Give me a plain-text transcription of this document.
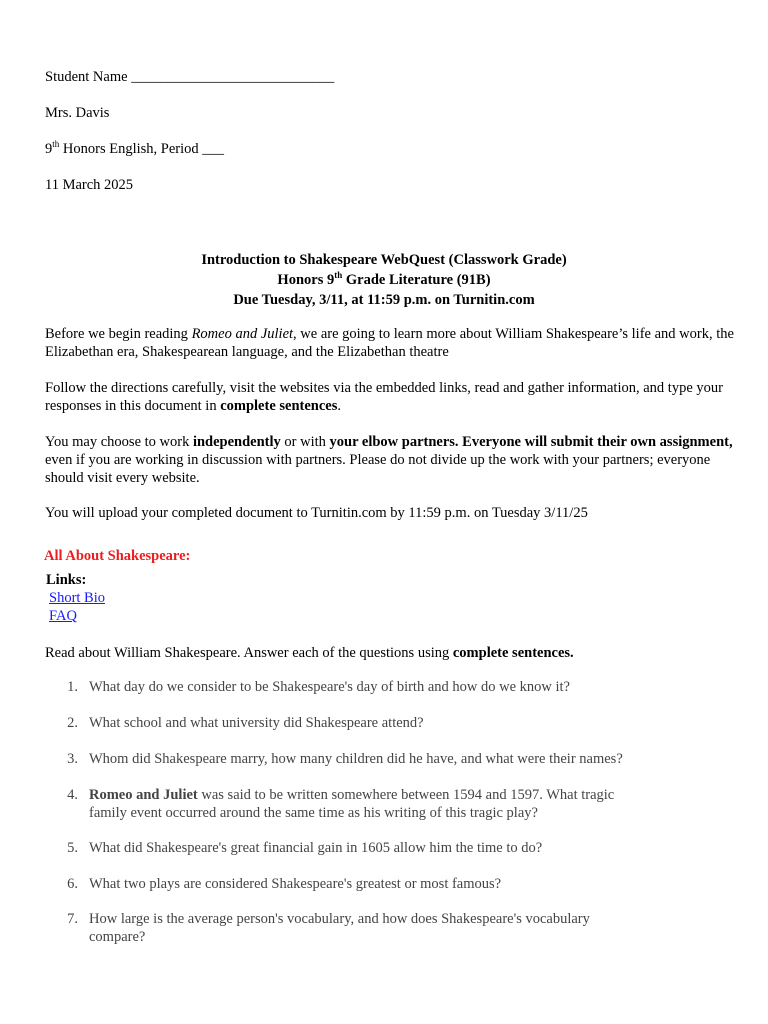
Student Name ____________________________
Mrs. Davis
9th Honors English, Period ___
11 March 2025
Introduction to Shakespeare WebQuest (Classwork Grade)
Honors 9th Grade Literature (91B)
Due Tuesday, 3/11, at 11:59 p.m. on Turnitin.com
Before we begin reading Romeo and Juliet, we are going to learn more about William Shakespeare’s life and work, the Elizabethan era, Shakespearean language, and the Elizabethan theatre
Follow the directions carefully, visit the websites via the embedded links, read and gather information, and type your responses in this document in complete sentences.
You may choose to work independently or with your elbow partners. Everyone will submit their own assignment, even if you are working in discussion with partners. Please do not divide up the work with your partners; everyone should visit every website.
You will upload your completed document to Turnitin.com by 11:59 p.m. on Tuesday 3/11/25
All About Shakespeare:
Links:
Short Bio
FAQ
Read about William Shakespeare. Answer each of the questions using complete sentences.
1. What day do we consider to be Shakespeare's day of birth and how do we know it?
2. What school and what university did Shakespeare attend?
3. Whom did Shakespeare marry, how many children did he have, and what were their names?
4. Romeo and Juliet was said to be written somewhere between 1594 and 1597. What tragic family event occurred around the same time as his writing of this tragic play?
5. What did Shakespeare's great financial gain in 1605 allow him the time to do?
6. What two plays are considered Shakespeare's greatest or most famous?
7. How large is the average person's vocabulary, and how does Shakespeare's vocabulary compare?
